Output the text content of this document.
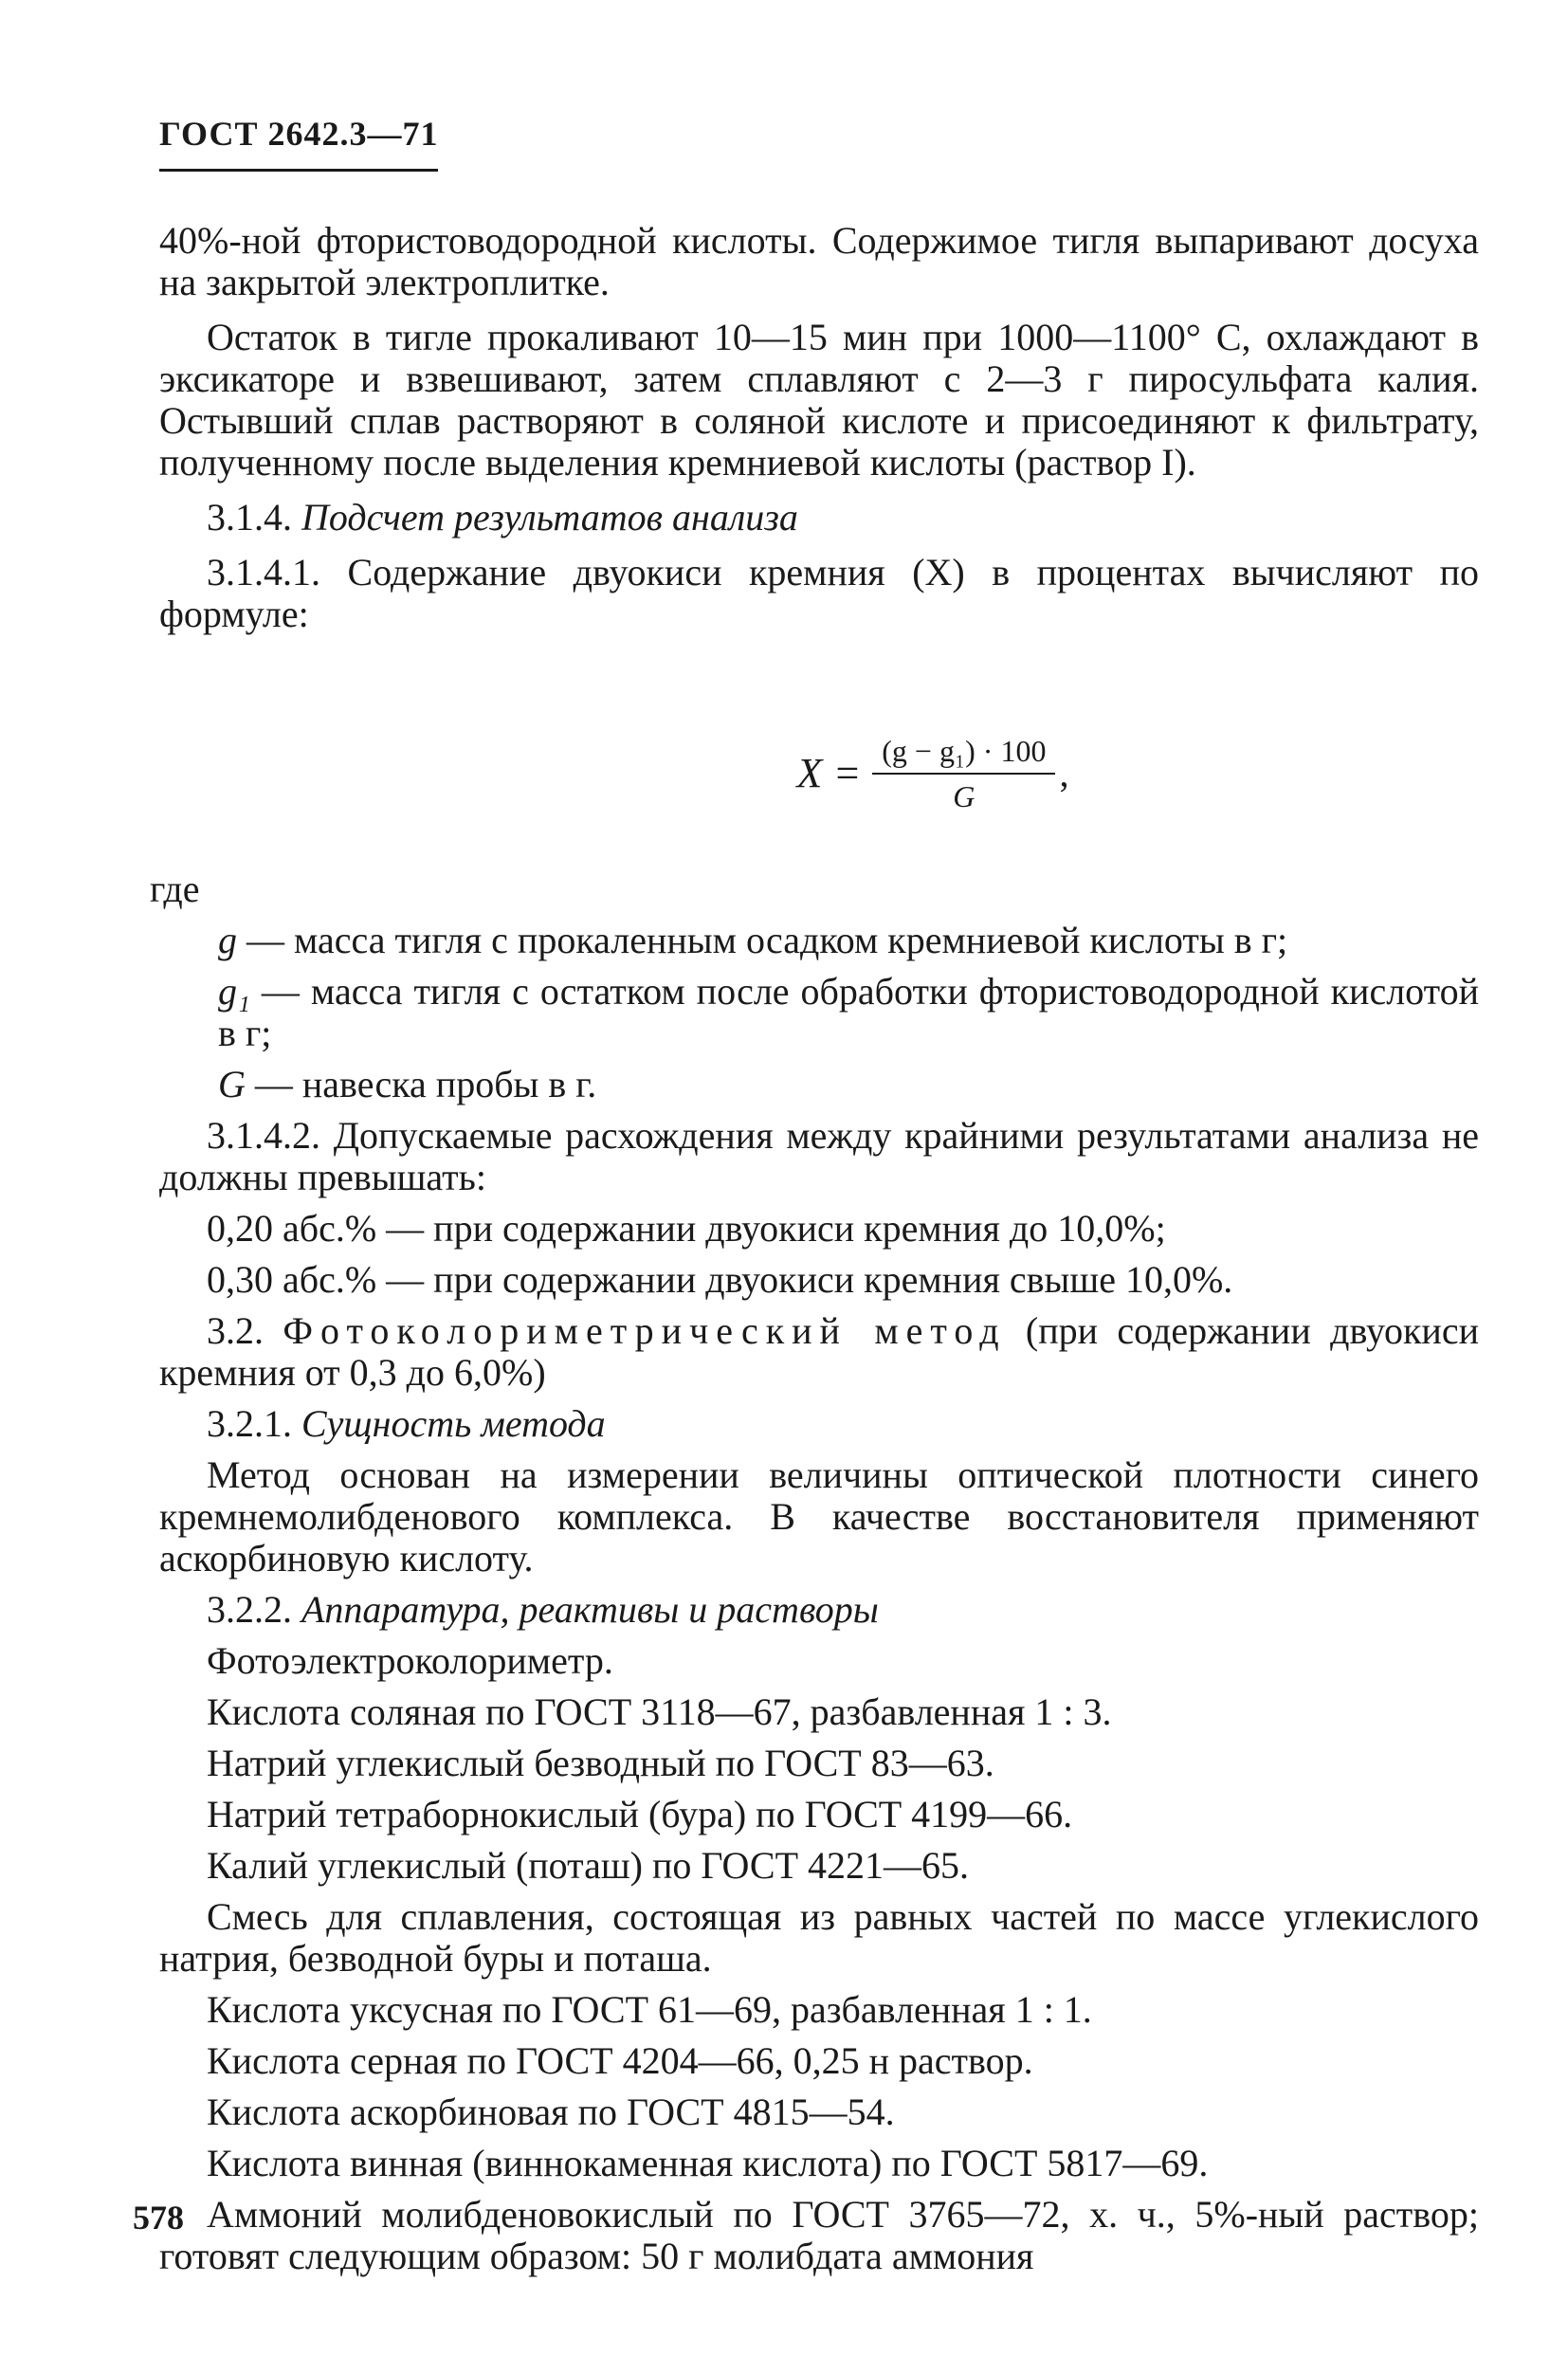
ГОСТ 2642.3—71

40%-ной фтористоводородной кислоты. Содержимое тигля выпаривают досуха на закрытой электроплитке.

Остаток в тигле прокаливают 10—15 мин при 1000—1100° С, охлаждают в эксикаторе и взвешивают, затем сплавляют с 2—3 г пиросульфата калия. Остывший сплав растворяют в соляной кислоте и присоединяют к фильтрату, полученному после выделения кремниевой кислоты (раствор I).

3.1.4. Подсчет результатов анализа

3.1.4.1. Содержание двуокиси кремния (X) в процентах вычисляют по формуле:

$X = \frac{\text{(g − g₁) · 100}}{G}$ ,

где

g — масса тигля с прокаленным осадком кремниевой кислоты в г;

g₁ — масса тигля с остатком после обработки фтористоводородной кислотой в г;

G — навеска пробы в г.

3.1.4.2. Допускаемые расхождения между крайними результатами анализа не должны превышать:

0,20 абс.% — при содержании двуокиси кремния до 10,0%;

0,30 абс.% — при содержании двуокиси кремния свыше 10,0%.

3.2. Фотоколориметрический метод (при содержании двуокиси кремния от 0,3 до 6,0%)

3.2.1. Сущность метода

Метод основан на измерении величины оптической плотности синего кремнемолибденового комплекса. В качестве восстановителя применяют аскорбиновую кислоту.

3.2.2. Аппаратура, реактивы и растворы

Фотоэлектроколориметр.

Кислота соляная по ГОСТ 3118—67, разбавленная 1 : 3.

Натрий углекислый безводный по ГОСТ 83—63.

Натрий тетраборнокислый (бура) по ГОСТ 4199—66.

Калий углекислый (поташ) по ГОСТ 4221—65.

Смесь для сплавления, состоящая из равных частей по массе углекислого натрия, безводной буры и поташа.

Кислота уксусная по ГОСТ 61—69, разбавленная 1 : 1.

Кислота серная по ГОСТ 4204—66, 0,25 н раствор.

Кислота аскорбиновая по ГОСТ 4815—54.

Кислота винная (виннокаменная кислота) по ГОСТ 5817—69.

Аммоний молибденовокислый по ГОСТ 3765—72, х. ч., 5%-ный раствор; готовят следующим образом: 50 г молибдата аммония

578
